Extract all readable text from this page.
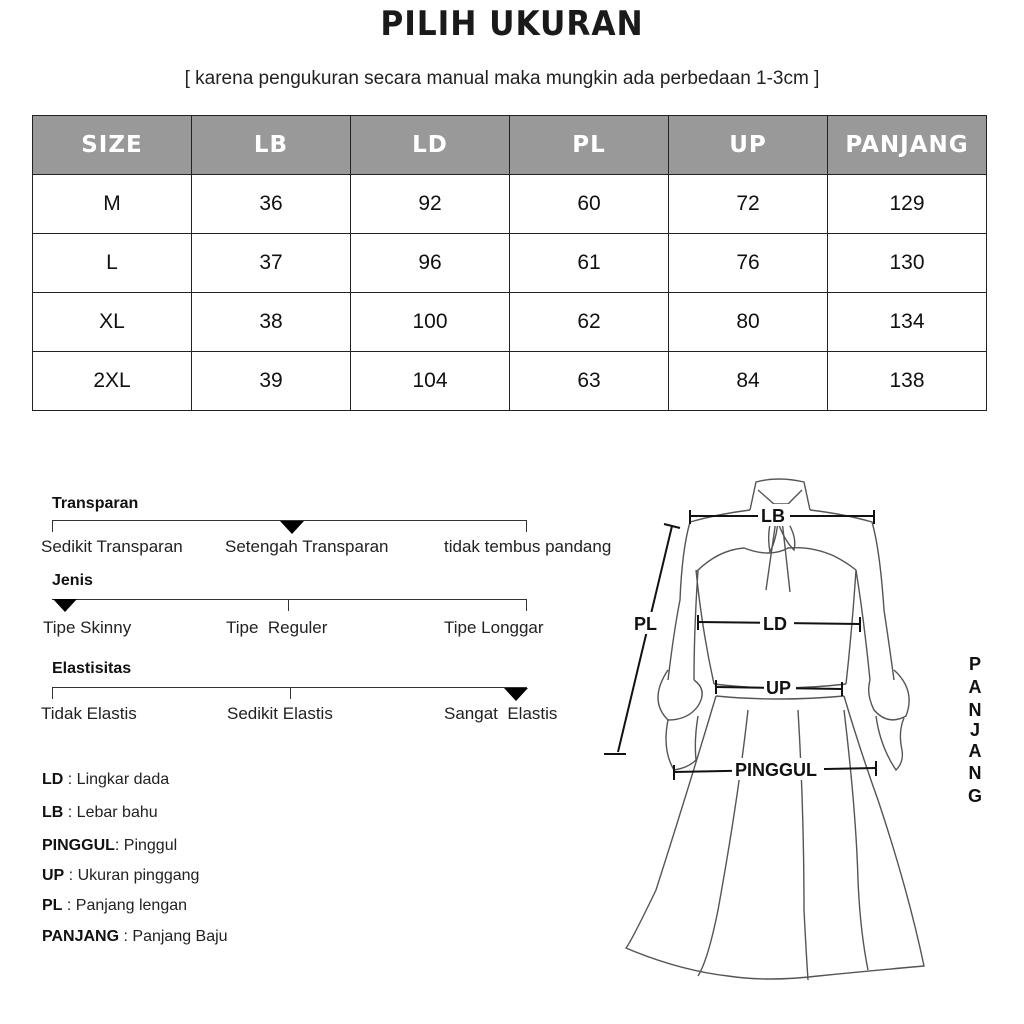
PILIH UKURAN
[ karena pengukuran secara manual maka mungkin ada perbedaan 1-3cm ]
SIZE	LB	LD	PL	UP	PANJANG
M	36	92	60	72	129
L	37	96	61	76	130
XL	38	100	62	80	134
2XL	39	104	63	84	138
Transparan
Sedikit Transparan Setengah Transparan	tidak tembus pandang
Jenis
Tipe Skinny	Tipe  Reguler	Tipe Longgar
Elastisitas
Tidak Elastis	Sedikit Elastis	Sangat  Elastis
LD : Lingkar dada
LB : Lebar bahu
PINGGUL: Pinggul
UP : Ukuran pinggang
PL : Panjang lengan
PANJANG : Panjang Baju
LB
LD
UP
PINGGUL
PL
P
A
N
J
A
N
G
